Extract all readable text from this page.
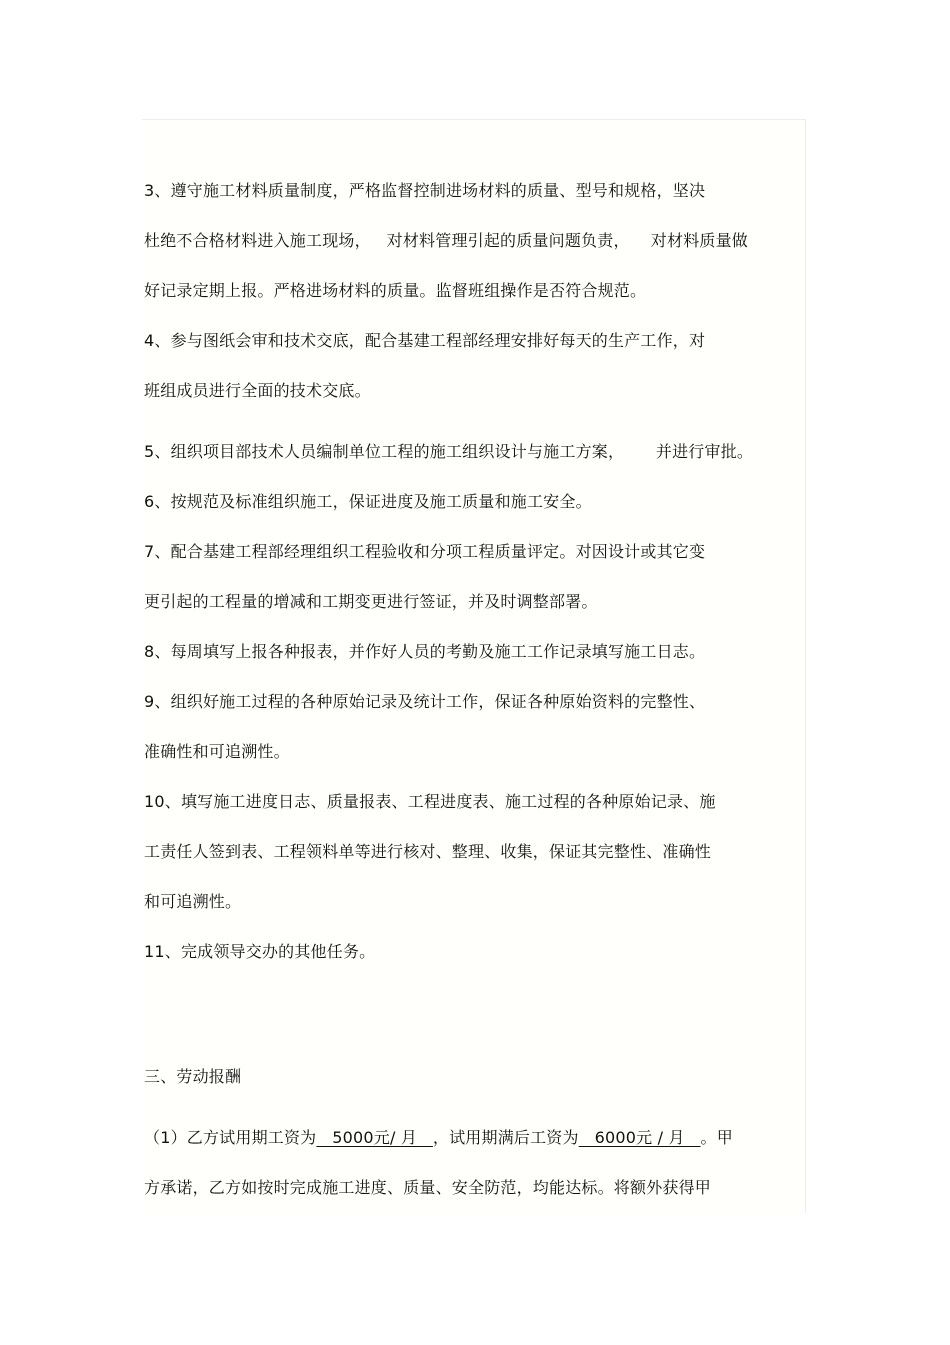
3、遵守施工材料质量制度，严格监督控制进场材料的质量、型号和规格，坚决
杜绝不合格材料进入施工现场，   对材料管理引起的质量问题负责，    对材料质量做
好记录定期上报。严格进场材料的质量。监督班组操作是否符合规范。
4、参与图纸会审和技术交底，配合基建工程部经理安排好每天的生产工作，对
班组成员进行全面的技术交底。
5、组织项目部技术人员编制单位工程的施工组织设计与施工方案，      并进行审批。
6、按规范及标准组织施工，保证进度及施工质量和施工安全。
7、配合基建工程部经理组织工程验收和分项工程质量评定。对因设计或其它变
更引起的工程量的增减和工期变更进行签证，并及时调整部署。
8、每周填写上报各种报表，并作好人员的考勤及施工工作记录填写施工日志。
9、组织好施工过程的各种原始记录及统计工作，保证各种原始资料的完整性、
准确性和可追溯性。
10、填写施工进度日志、质量报表、工程进度表、施工过程的各种原始记录、施
工责任人签到表、工程领料单等进行核对、整理、收集，保证其完整性、准确性
和可追溯性。
11、完成领导交办的其他任务。
三、劳动报酬
（1）乙方试用期工资为   5000元/ 月   ，试用期满后工资为   6000元 / 月   。甲
方承诺，乙方如按时完成施工进度、质量、安全防范，均能达标。将额外获得甲
